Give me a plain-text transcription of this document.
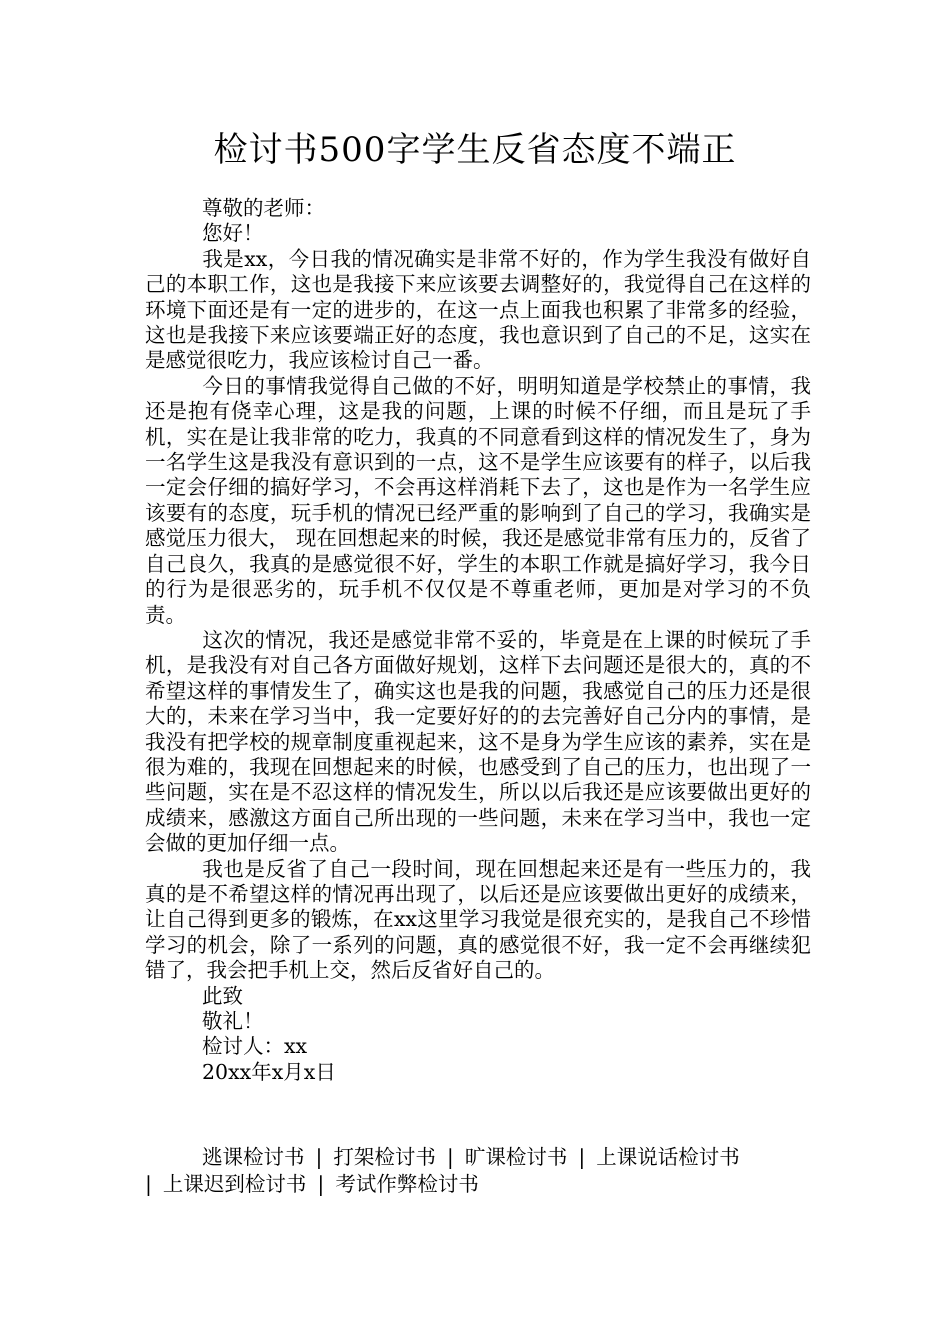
检讨书500字学生反省态度不端正

尊敬的老师：

您好！

我是xx，今日我的情况确实是非常不好的，作为学生我没有做好自己的本职工作，这也是我接下来应该要去调整好的，我觉得自己在这样的环境下面还是有一定的进步的，在这一点上面我也积累了非常多的经验，这也是我接下来应该要端正好的态度，我也意识到了自己的不足，这实在是感觉很吃力，我应该检讨自己一番。

今日的事情我觉得自己做的不好，明明知道是学校禁止的事情，我还是抱有侥幸心理，这是我的问题，上课的时候不仔细，而且是玩了手机，实在是让我非常的吃力，我真的不同意看到这样的情况发生了，身为一名学生这是我没有意识到的一点，这不是学生应该要有的样子，以后我一定会仔细的搞好学习，不会再这样消耗下去了，这也是作为一名学生应该要有的态度，玩手机的情况已经严重的影响到了自己的学习，我确实是感觉压力很大， 现在回想起来的时候，我还是感觉非常有压力的，反省了自己良久，我真的是感觉很不好，学生的本职工作就是搞好学习，我今日的行为是很恶劣的，玩手机不仅仅是不尊重老师，更加是对学习的不负责。

这次的情况，我还是感觉非常不妥的，毕竟是在上课的时候玩了手机，是我没有对自己各方面做好规划，这样下去问题还是很大的，真的不希望这样的事情发生了，确实这也是我的问题，我感觉自己的压力还是很大的，未来在学习当中，我一定要好好的的去完善好自己分内的事情，是我没有把学校的规章制度重视起来，这不是身为学生应该的素养，实在是很为难的，我现在回想起来的时候，也感受到了自己的压力，也出现了一些问题，实在是不忍这样的情况发生，所以以后我还是应该要做出更好的成绩来，感激这方面自己所出现的一些问题，未来在学习当中，我也一定会做的更加仔细一点。

我也是反省了自己一段时间，现在回想起来还是有一些压力的，我真的是不希望这样的情况再出现了，以后还是应该要做出更好的成绩来，让自己得到更多的锻炼，在xx这里学习我觉是很充实的，是我自己不珍惜学习的机会，除了一系列的问题，真的感觉很不好，我一定不会再继续犯错了，我会把手机上交，然后反省好自己的。

此致

敬礼！

检讨人：xx

20xx年x月x日

逃课检讨书 | 打架检讨书 | 旷课检讨书 | 上课说话检讨书
| 上课迟到检讨书 | 考试作弊检讨书
